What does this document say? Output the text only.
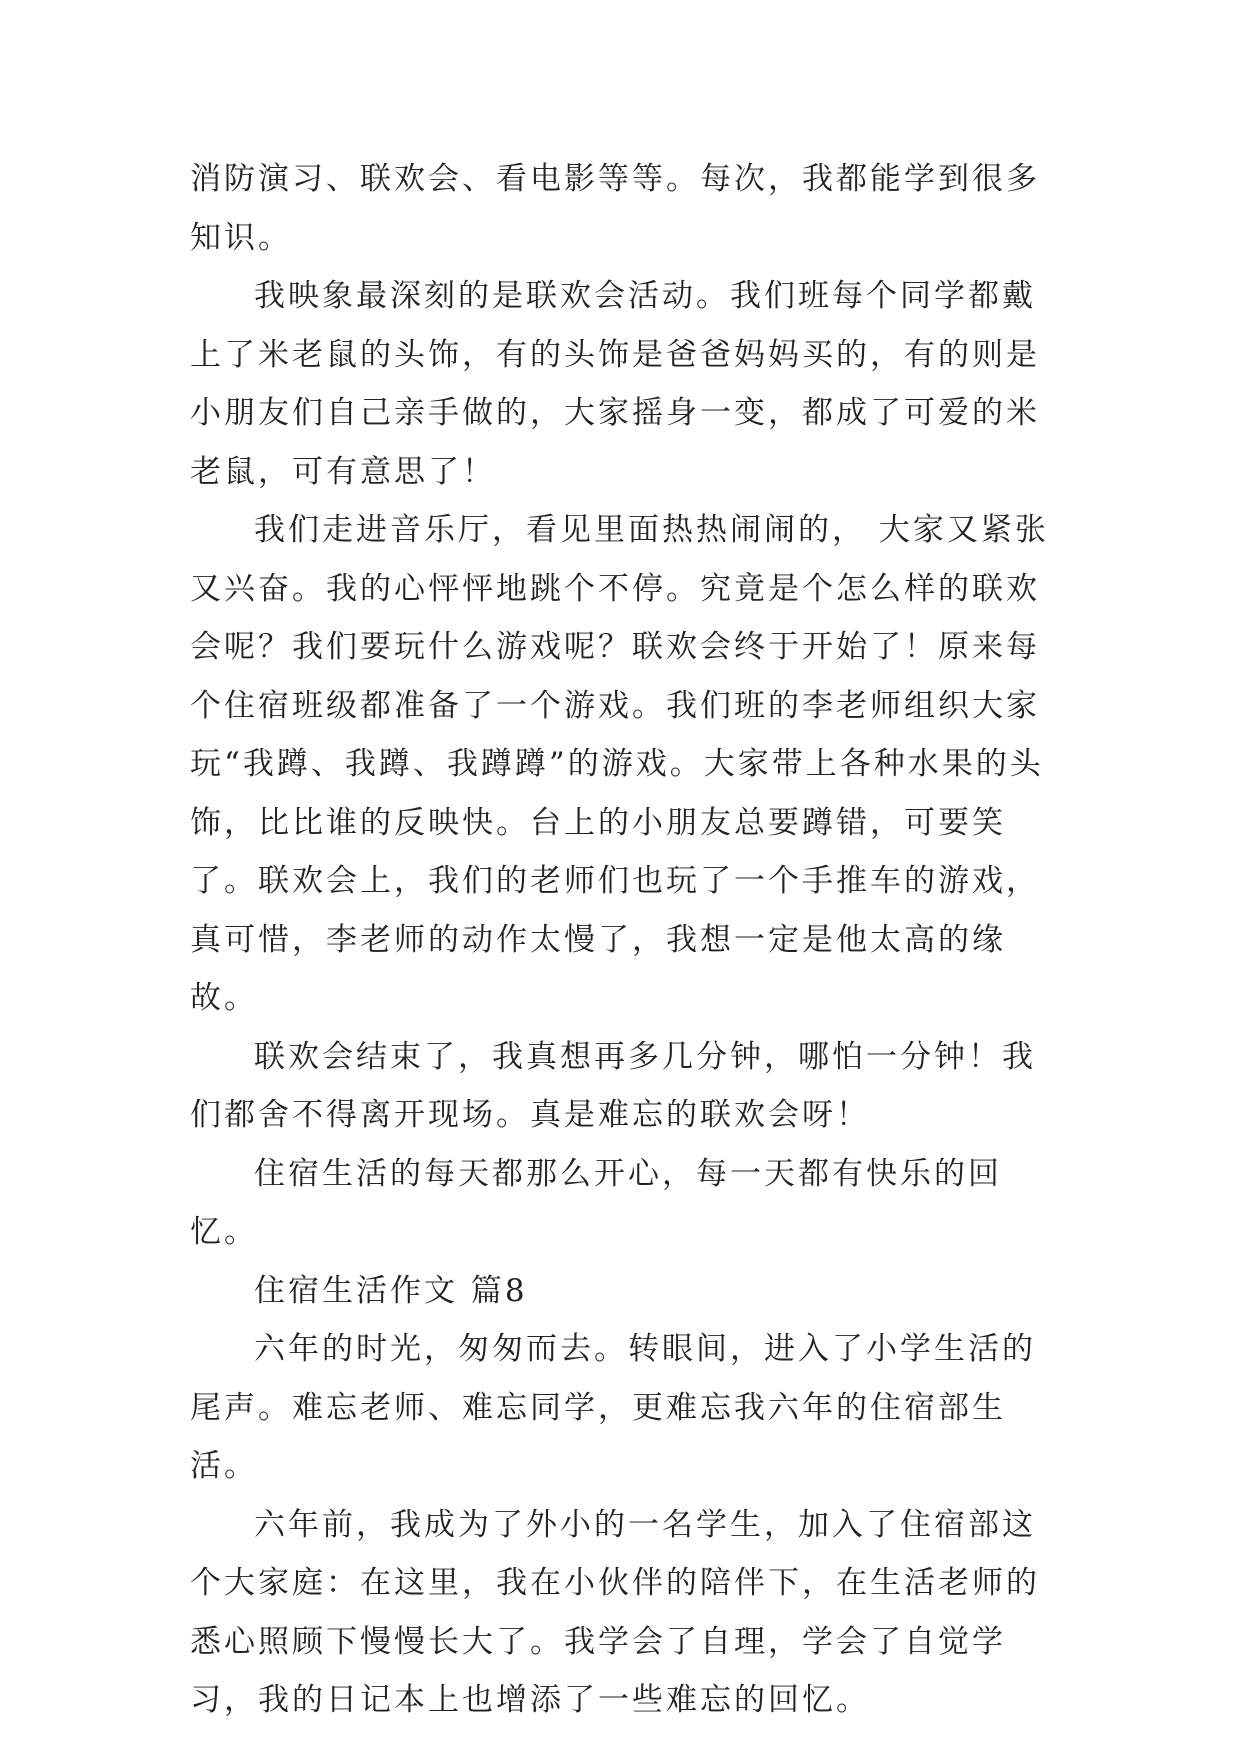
消防演习、联欢会、看电影等等。每次，我都能学到很多知识。

我映象最深刻的是联欢会活动。我们班每个同学都戴上了米老鼠的头饰，有的头饰是爸爸妈妈买的，有的则是小朋友们自己亲手做的，大家摇身一变，都成了可爱的米老鼠，可有意思了！

我们走进音乐厅，看见里面热热闹闹的， 大家又紧张又兴奋。我的心怦怦地跳个不停。究竟是个怎么样的联欢会呢？我们要玩什么游戏呢？联欢会终于开始了！原来每个住宿班级都准备了一个游戏。我们班的李老师组织大家玩“我蹲、我蹲、我蹲蹲”的游戏。大家带上各种水果的头饰，比比谁的反映快。台上的小朋友总要蹲错，可要笑了。联欢会上，我们的老师们也玩了一个手推车的游戏，真可惜，李老师的动作太慢了，我想一定是他太高的缘故。

联欢会结束了，我真想再多几分钟，哪怕一分钟！我们都舍不得离开现场。真是难忘的联欢会呀！

住宿生活的每天都那么开心，每一天都有快乐的回忆。

住宿生活作文 篇8

六年的时光，匆匆而去。转眼间，进入了小学生活的尾声。难忘老师、难忘同学，更难忘我六年的住宿部生活。

六年前，我成为了外小的一名学生，加入了住宿部这个大家庭：在这里，我在小伙伴的陪伴下，在生活老师的悉心照顾下慢慢长大了。我学会了自理，学会了自觉学习，我的日记本上也增添了一些难忘的回忆。
